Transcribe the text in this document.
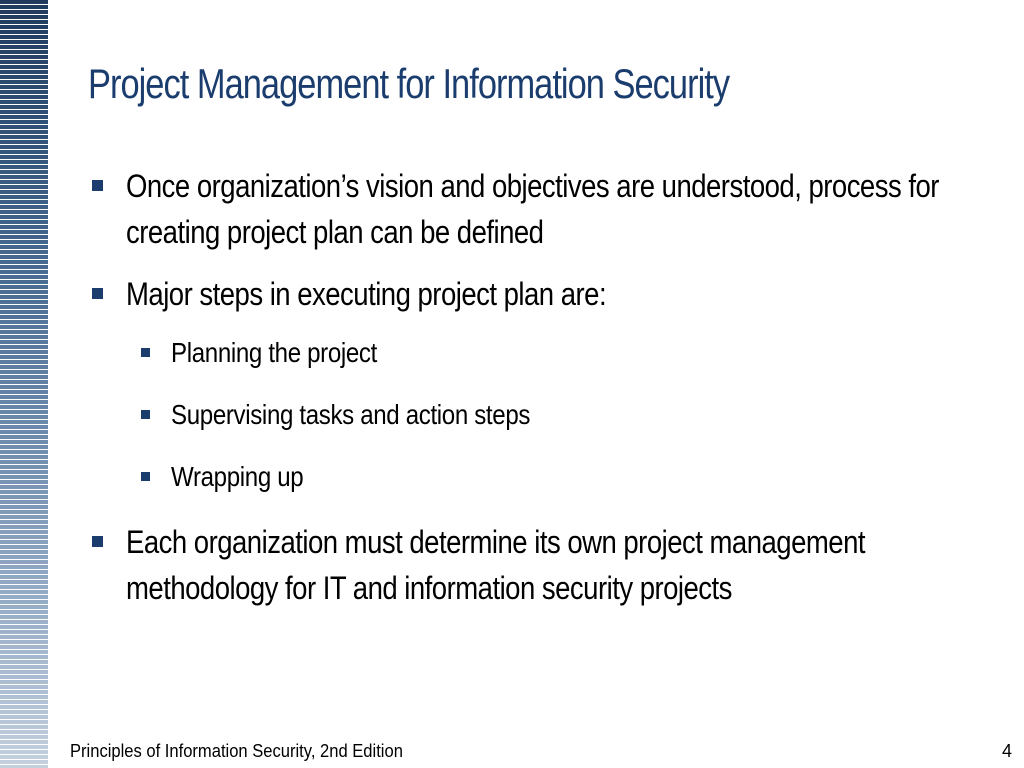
Project Management for Information Security
Once organization’s vision and objectives are understood, process for creating project plan can be defined
Major steps in executing project plan are:
Planning the project
Supervising tasks and action steps
Wrapping up
Each organization must determine its own project management methodology for IT and information security projects
Principles of Information Security, 2nd Edition	4
